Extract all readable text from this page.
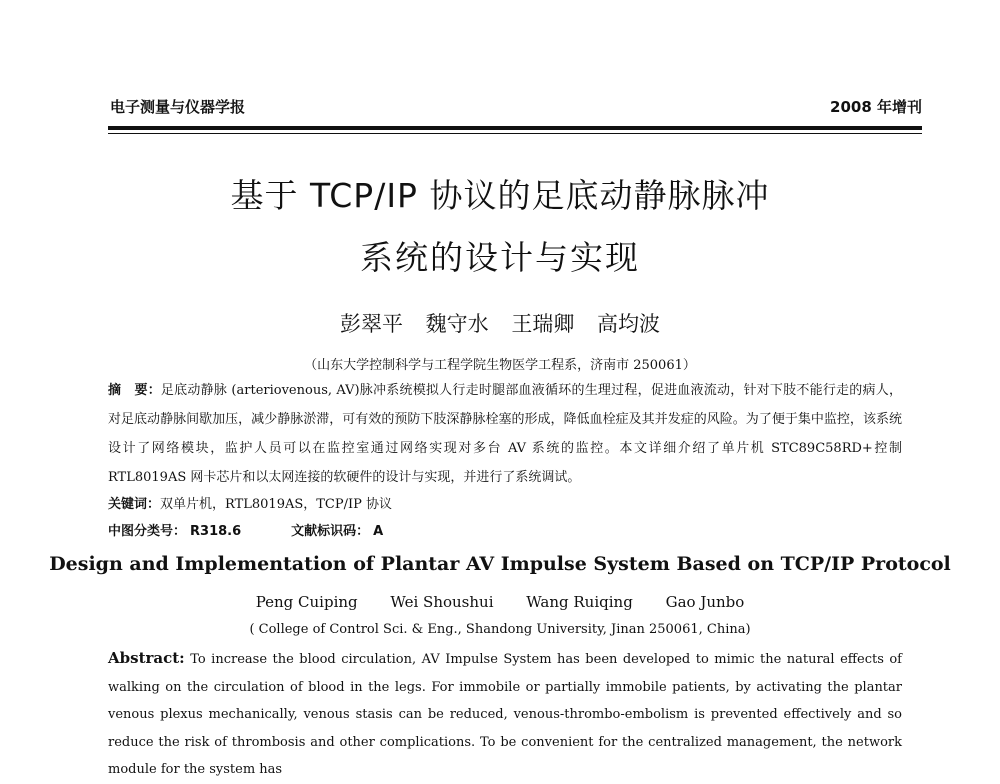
电子测量与仪器学报	2008 年增刊
基于 TCP/IP 协议的足底动静脉脉冲
系统的设计与实现
彭翠平 魏守水 王瑞卿 高均波
（山东大学控制科学与工程学院生物医学工程系，济南市 250061）
摘　要：足底动静脉 (arteriovenous, AV)脉冲系统模拟人行走时腿部血液循环的生理过程，促进血液流动，针对下肢不能行走的病人，对足底动静脉间歇加压，减少静脉淤滞，可有效的预防下肢深静脉栓塞的形成，降低血栓症及其并发症的风险。为了便于集中监控，该系统设计了网络模块，监护人员可以在监控室通过网络实现对多台 AV 系统的监控。本文详细介绍了单片机 STC89C58RD+控制 RTL8019AS 网卡芯片和以太网连接的软硬件的设计与实现，并进行了系统调试。
关键词：双单片机，RTL8019AS，TCP/IP 协议
中图分类号： R318.6	文献标识码： A
Design and Implementation of Plantar AV Impulse System Based on TCP/IP Protocol
Peng Cuiping Wei Shoushui Wang Ruiqing Gao Junbo
( College of Control Sci. & Eng., Shandong University, Jinan 250061, China)
Abstract: To increase the blood circulation, AV Impulse System has been developed to mimic the natural effects of walking on the circulation of blood in the legs. For immobile or partially immobile patients, by activating the plantar venous plexus mechanically, venous stasis can be reduced, venous-thrombo-embolism is prevented effectively and so reduce the risk of thrombosis and other complications. To be convenient for the centralized management, the network module for the system has
